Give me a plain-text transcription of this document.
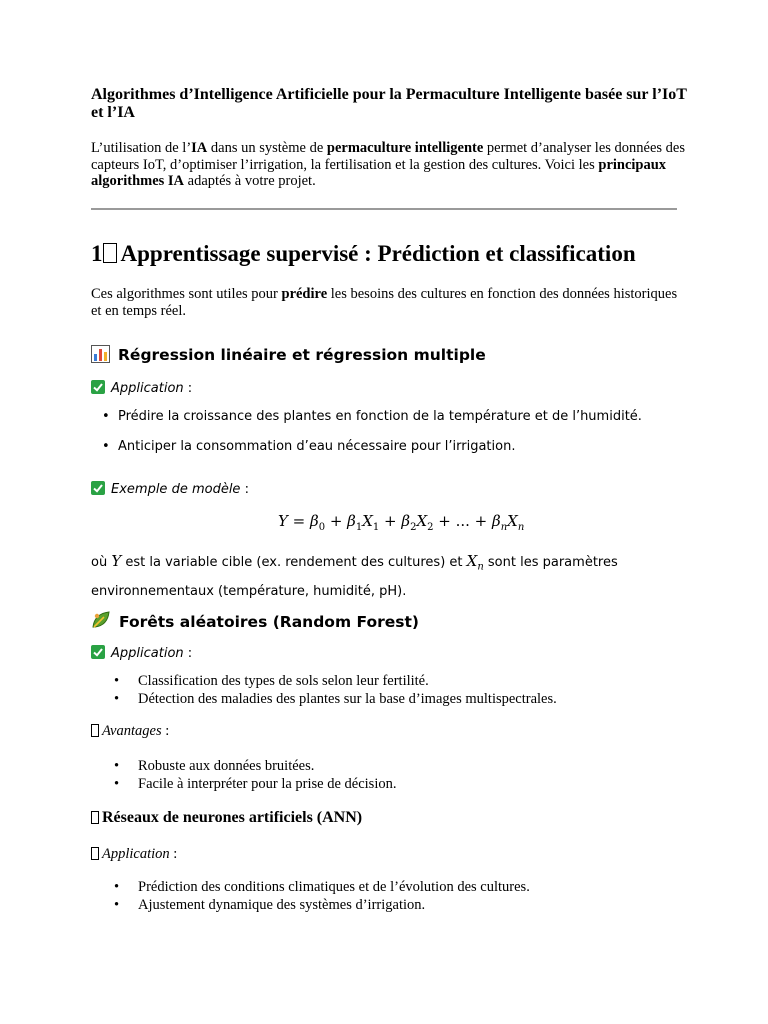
Algorithmes d’Intelligence Artificielle pour la Permaculture Intelligente basée sur l’IoT et l’IA
L’utilisation de l’IA dans un système de permaculture intelligente permet d’analyser les données des capteurs IoT, d’optimiser l’irrigation, la fertilisation et la gestion des cultures. Voici les principaux algorithmes IA adaptés à votre projet.
1 Apprentissage supervisé : Prédiction et classification
Ces algorithmes sont utiles pour prédire les besoins des cultures en fonction des données historiques et en temps réel.
Régression linéaire et régression multiple
Application :
• Prédire la croissance des plantes en fonction de la température et de l’humidité.
• Anticiper la consommation d’eau nécessaire pour l’irrigation.
Exemple de modèle :
$Y = \beta_0 + \beta_1X_1 + \beta_2X_2$ + ... + $\beta_nX_n$
où Y est la variable cible (ex. rendement des cultures) et $X_n$ sont les paramètres environnementaux (température, humidité, pH).
Forêts aléatoires (Random Forest)
Application :
• Classification des types de sols selon leur fertilité.
• Détection des maladies des plantes sur la base d’images multispectrales.
Avantages :
• Robuste aux données bruitées.
• Facile à interpréter pour la prise de décision.
Réseaux de neurones artificiels (ANN)
Application :
• Prédiction des conditions climatiques et de l’évolution des cultures.
• Ajustement dynamique des systèmes d’irrigation.
